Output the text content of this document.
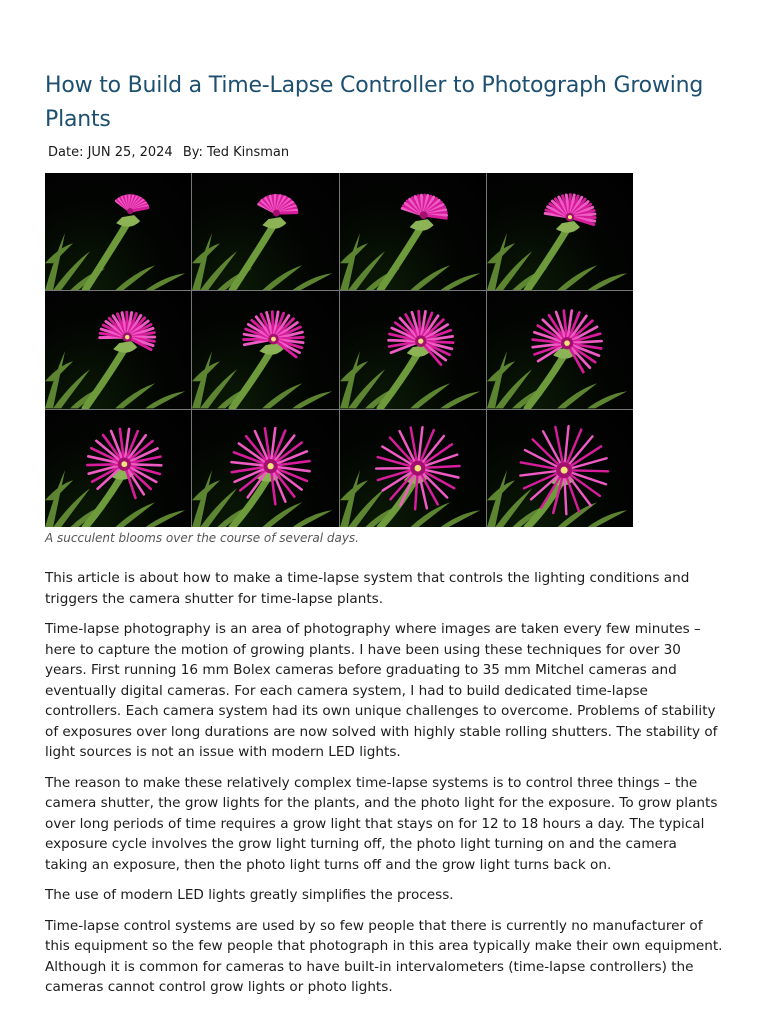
How to Build a Time-Lapse Controller to Photograph Growing Plants
Date: JUN 25, 2024 By: Ted Kinsman
A succulent blooms over the course of several days.

This article is about how to make a time-lapse system that controls the lighting conditions and triggers the camera shutter for time-lapse plants.

Time-lapse photography is an area of photography where images are taken every few minutes – here to capture the motion of growing plants. I have been using these techniques for over 30 years. First running 16 mm Bolex cameras before graduating to 35 mm Mitchel cameras and eventually digital cameras. For each camera system, I had to build dedicated time-lapse controllers. Each camera system had its own unique challenges to overcome. Problems of stability of exposures over long durations are now solved with highly stable rolling shutters. The stability of light sources is not an issue with modern LED lights.

The reason to make these relatively complex time-lapse systems is to control three things – the camera shutter, the grow lights for the plants, and the photo light for the exposure. To grow plants over long periods of time requires a grow light that stays on for 12 to 18 hours a day. The typical exposure cycle involves the grow light turning off, the photo light turning on and the camera taking an exposure, then the photo light turns off and the grow light turns back on.

The use of modern LED lights greatly simplifies the process.

Time-lapse control systems are used by so few people that there is currently no manufacturer of this equipment so the few people that photograph in this area typically make their own equipment. Although it is common for cameras to have built-in intervalometers (time-lapse controllers) the cameras cannot control grow lights or photo lights.
